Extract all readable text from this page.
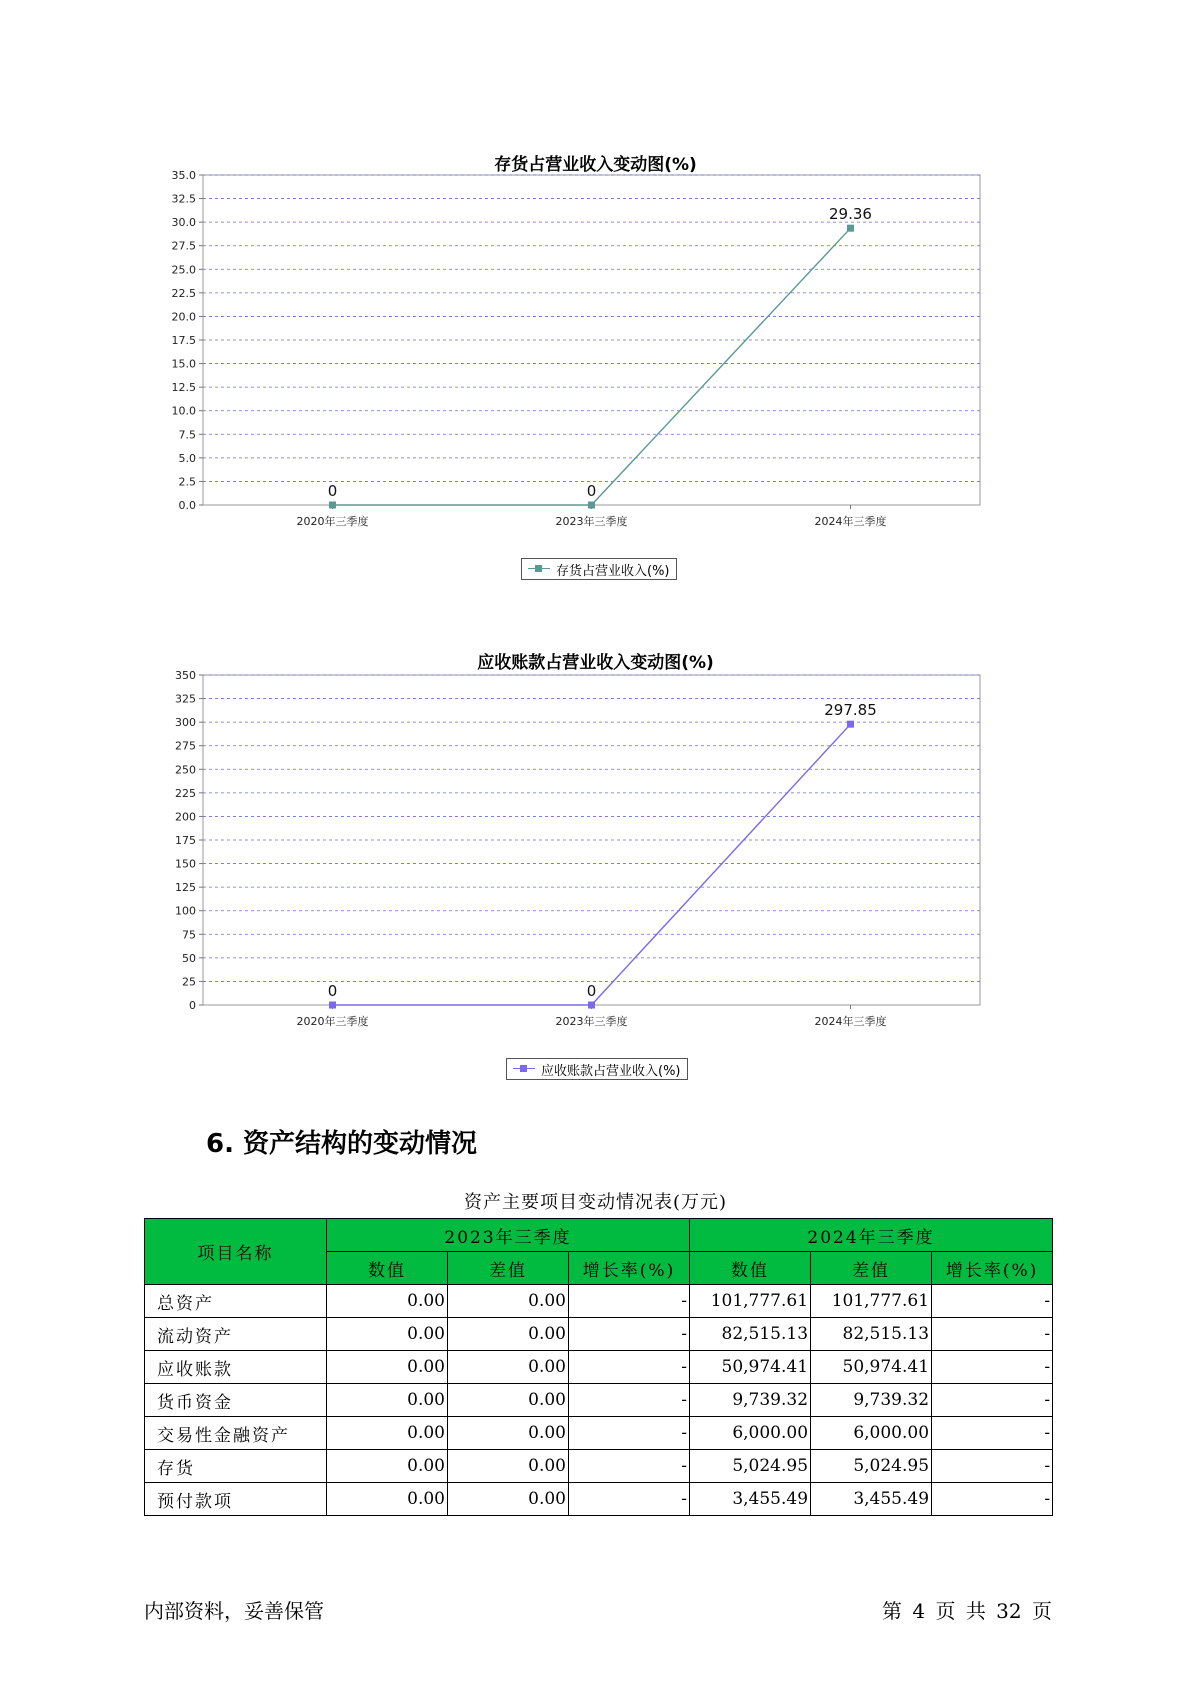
存货占营业收入变动图(%)
0.0
2.5
5.0
7.5
10.0
12.5
15.0
17.5
20.0
22.5
25.0
27.5
30.0
32.5
35.0
2020年三季度	2023年三季度	2024年三季度
0	0
29.36
存货占营业收入(%)
应收账款占营业收入变动图(%)
0
25
50
75
100
125
150
175
200
225
250
275
300
325
350
2020年三季度	2023年三季度	2024年三季度
0	0
297.85
应收账款占营业收入(%)
6. 资产结构的变动情况
资产主要项目变动情况表(万元)
项目名称	2023年三季度			2024年三季度		
	数值	差值	增长率(%)	数值	差值	增长率(%)
总资产	0.00	0.00	-	101,777.61	101,777.61	-
流动资产	0.00	0.00	-	82,515.13	82,515.13	-
应收账款	0.00	0.00	-	50,974.41	50,974.41	-
货币资金	0.00	0.00	-	9,739.32	9,739.32	-
交易性金融资产	0.00	0.00	-	6,000.00	6,000.00	-
存货	0.00	0.00	-	5,024.95	5,024.95	-
预付款项	0.00	0.00	-	3,455.49	3,455.49	-
内部资料，妥善保管	第 4 页 共 32 页
